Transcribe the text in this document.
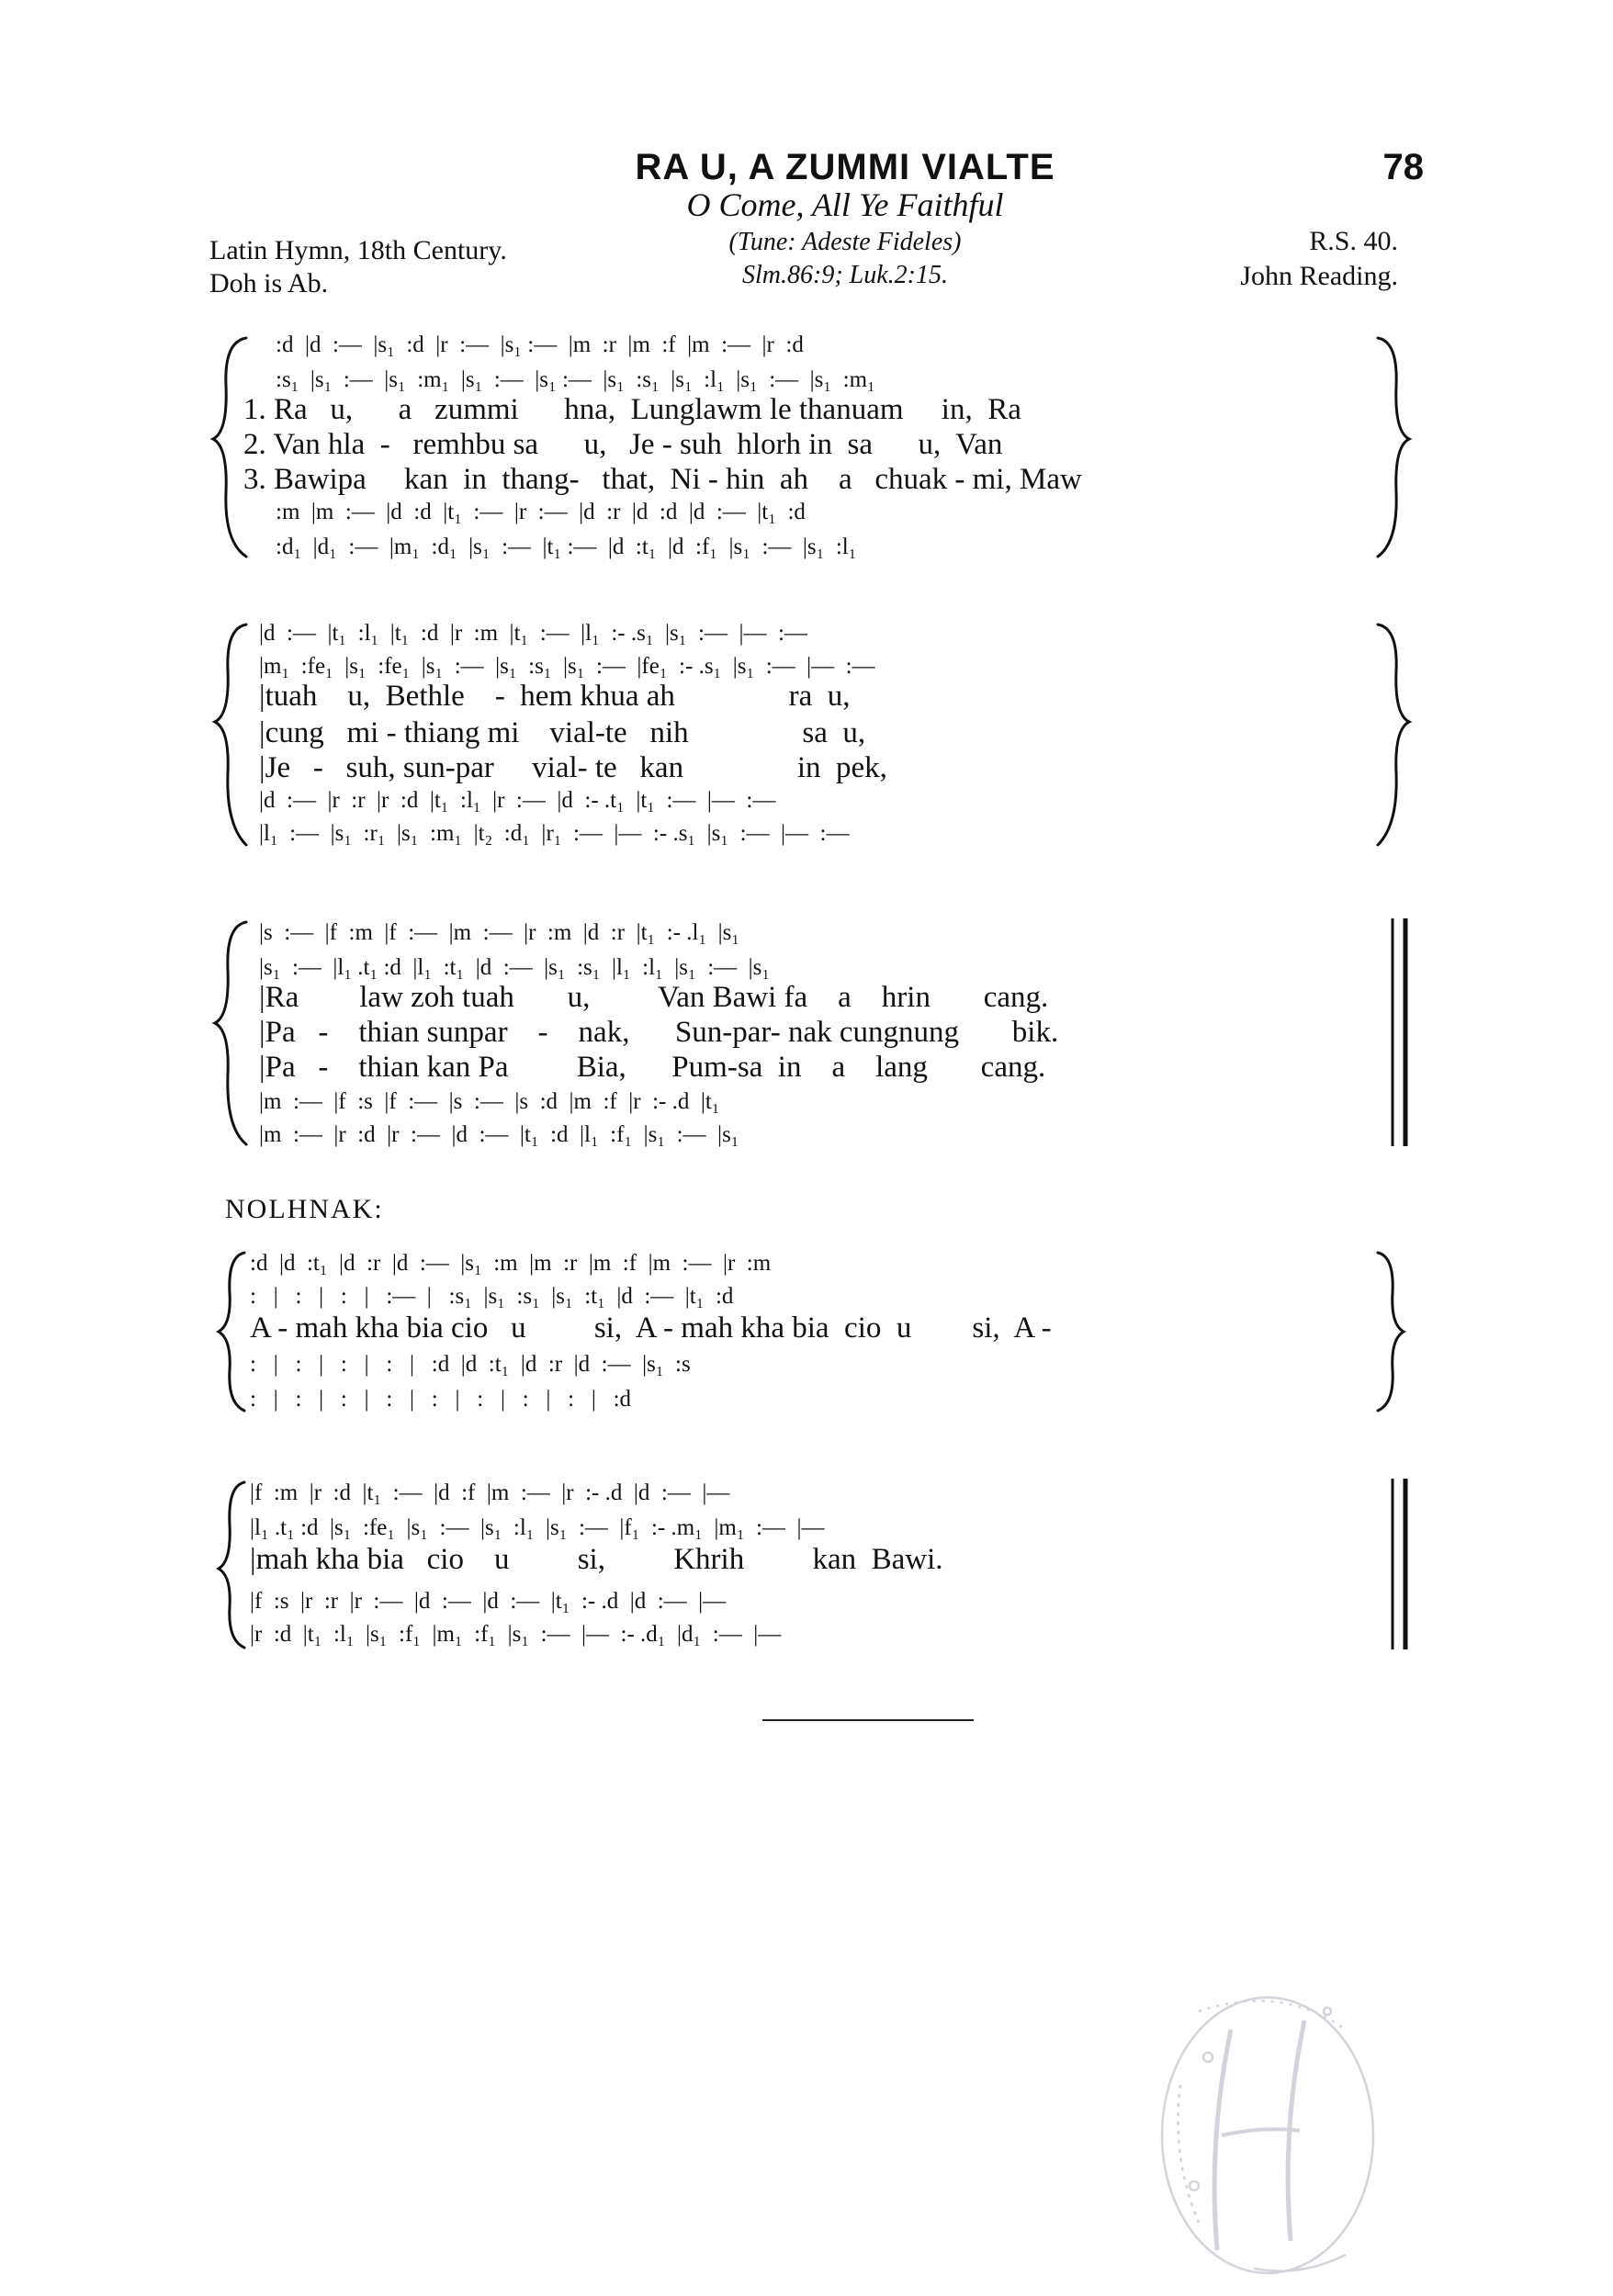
RA U, A ZUMMI VIALTE	78
O Come, All Ye Faithful
Latin Hymn, 18th Century.
Doh is Ab.
(Tune: Adeste Fideles)
Slm.86:9; Luk.2:15.
R.S. 40.
John Reading.
:d  |d  :—  |s₁  :d  |r  :—  |s₁ :—  |m  :r  |m  :f  |m  :—  |r  :d
:s₁  |s₁  :—  |s₁  :m₁  |s₁  :—  |s₁ :—  |s₁  :s₁  |s₁  :l₁  |s₁  :—  |s₁  :m₁
1. Ra   u,      a   zummi      hna,  Lunglawm le thanuam     in,  Ra
2. Van hla  -   remhbu sa      u,   Je - suh  hlorh in  sa      u,  Van
3. Bawipa     kan  in  thang-   that,  Ni - hin  ah    a   chuak - mi, Maw
:m  |m  :—  |d  :d  |t₁  :—  |r  :—  |d  :r  |d  :d  |d  :—  |t₁  :d
:d₁  |d₁  :—  |m₁  :d₁  |s₁  :—  |t₁ :—  |d  :t₁  |d  :f₁  |s₁  :—  |s₁  :l₁
|d  :—  |t₁  :l₁  |t₁  :d  |r  :m  |t₁  :—  |l₁  :- .s₁  |s₁  :—  |—  :—
|m₁  :fe₁  |s₁  :fe₁  |s₁  :—  |s₁  :s₁  |s₁  :—  |fe₁  :- .s₁  |s₁  :—  |—  :—
|tuah    u,  Bethle    -  hem khua ah               ra  u,
|cung   mi - thiang mi    vial-te   nih               sa  u,
|Je   -   suh, sun-par     vial- te   kan               in  pek,
|d  :—  |r  :r  |r  :d  |t₁  :l₁  |r  :—  |d  :- .t₁  |t₁  :—  |—  :—
|l₁  :—  |s₁  :r₁  |s₁  :m₁  |t₂  :d₁  |r₁  :—  |—  :- .s₁  |s₁  :—  |—  :—
|s  :—  |f  :m  |f  :—  |m  :—  |r  :m  |d  :r  |t₁  :- .l₁  |s₁
|s₁  :—  |l₁ .t₁ :d  |l₁  :t₁  |d  :—  |s₁  :s₁  |l₁  :l₁  |s₁  :—  |s₁
|Ra        law zoh tuah       u,         Van Bawi fa    a    hrin       cang.
|Pa   -    thian sunpar    -    nak,      Sun-par- nak cungnung       bik.
|Pa   -    thian kan Pa         Bia,      Pum-sa  in    a    lang       cang.
|m  :—  |f  :s  |f  :—  |s  :—  |s  :d  |m  :f  |r  :- .d  |t₁
|m  :—  |r  :d  |r  :—  |d  :—  |t₁  :d  |l₁  :f₁  |s₁  :—  |s₁
NOLHNAK:
:d  |d  :t₁  |d  :r  |d  :—  |s₁  :m  |m  :r  |m  :f  |m  :—  |r  :m
:   |   :   |   :   |   :—  |   :s₁  |s₁  :s₁  |s₁  :t₁  |d  :—  |t₁  :d
A - mah kha bia cio   u         si,  A - mah kha bia  cio  u        si,  A -
:   |   :   |   :   |   :   |   :d  |d  :t₁  |d  :r  |d  :—  |s₁  :s
:   |   :   |   :   |   :   |   :   |   :   |   :   |   :   |   :d
|f  :m  |r  :d  |t₁  :—  |d  :f  |m  :—  |r  :- .d  |d  :—  |—
|l₁ .t₁ :d  |s₁  :fe₁  |s₁  :—  |s₁  :l₁  |s₁  :—  |f₁  :- .m₁  |m₁  :—  |—
|mah kha bia   cio    u         si,         Khrih         kan  Bawi.
|f  :s  |r  :r  |r  :—  |d  :—  |d  :—  |t₁  :- .d  |d  :—  |—
|r  :d  |t₁  :l₁  |s₁  :f₁  |m₁  :f₁  |s₁  :—  |—  :- .d₁  |d₁  :—  |—
